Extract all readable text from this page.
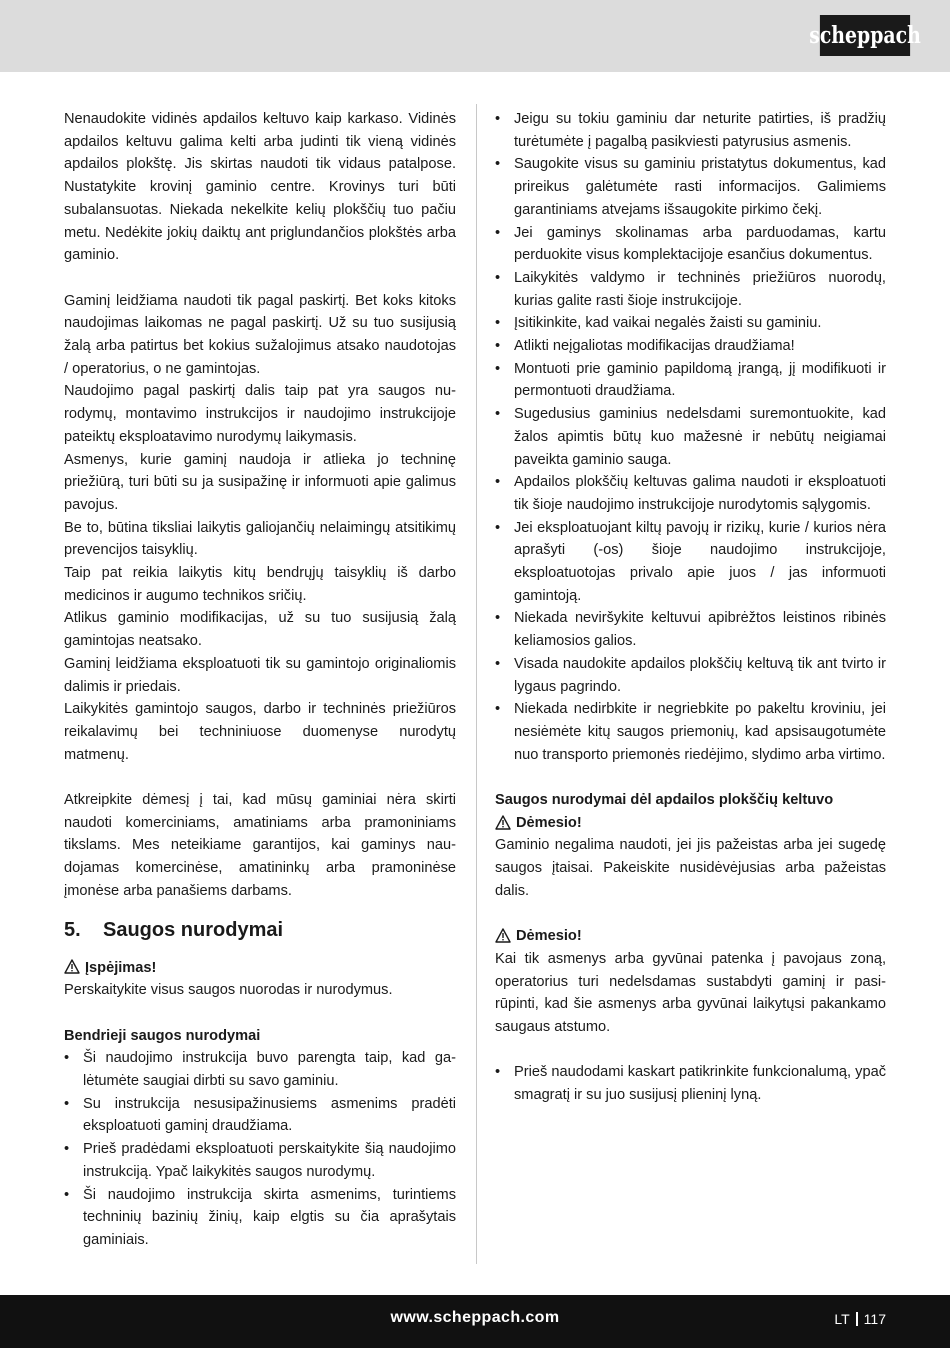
scheppach

Nenaudokite vidinės apdailos keltuvo kaip karkaso. Vidinės apdailos keltuvu galima kelti arba judinti tik vieną vidinės apdailos plokštę. Jis skirtas naudoti tik vidaus patalpose. Nustatykite krovinį gaminio centre. Krovinys turi būti subalansuotas. Niekada nekelkite kelių plokščių tuo pačiu metu. Nedėkite jokių daiktų ant priglundančios plokštės arba gaminio.

Gaminį leidžiama naudoti tik pagal paskirtį. Bet koks kitoks naudojimas laikomas ne pagal paskirtį. Už su tuo susijusią žalą arba patirtus bet kokius sužalojimus atsako naudotojas / operatorius, o ne gamintojas.

Naudojimo pagal paskirtį dalis taip pat yra saugos nurodymų, montavimo instrukcijos ir naudojimo instrukcijoje pateiktų eksploatavimo nurodymų laikymasis.

Asmenys, kurie gaminį naudoja ir atlieka jo techninę priežiūrą, turi būti su ja susipažinę ir informuoti apie galimus pavojus.

Be to, būtina tiksliai laikytis galiojančių nelaimingų atsitikimų prevencijos taisyklių.

Taip pat reikia laikytis kitų bendrųjų taisyklių iš darbo medicinos ir augumo technikos sričių.

Atlikus gaminio modifikacijas, už su tuo susijusią žalą gamintojas neatsako.

Gaminį leidžiama eksploatuoti tik su gamintojo originaliomis dalimis ir priedais.

Laikykitės gamintojo saugos, darbo ir techninės priežiūros reikalavimų bei techniniuose duomenyse nurodytų matmenų.

Atkreipkite dėmesį į tai, kad mūsų gaminiai nėra skirti naudoti komerciniams, amatiniams arba pramoniniams tikslams. Mes neteikiame garantijos, kai gaminys naudojamas komercinėse, amatininkų arba pramoninėse įmonėse arba panašiems darbams.

5.	Saugos nurodymai
Įspėjimas!

Perskaitykite visus saugos nuorodas ir nurodymus.

Bendrieji saugos nurodymai

• Ši naudojimo instrukcija buvo parengta taip, kad galėtumėte saugiai dirbti su savo gaminiu.
• Su instrukcija nesusipažinusiems asmenims pradėti eksploatuoti gaminį draudžiama.
• Prieš pradėdami eksploatuoti perskaitykite šią naudojimo instrukciją. Ypač laikykitės saugos nurodymų.
• Ši naudojimo instrukcija skirta asmenims, turintiems techninių bazinių žinių, kaip elgtis su čia aprašytais gaminiais.
• Jeigu su tokiu gaminiu dar neturite patirties, iš pradžių turėtumėte į pagalbą pasikviesti patyrusius asmenis.
• Saugokite visus su gaminiu pristatytus dokumentus, kad prireikus galėtumėte rasti informacijos. Galimiems garantiniams atvejams išsaugokite pirkimo čekį.
• Jei gaminys skolinamas arba parduodamas, kartu perduokite visus komplektacijoje esančius dokumentus.
• Laikykitės valdymo ir techninės priežiūros nuorodų, kurias galite rasti šioje instrukcijoje.
• Įsitikinkite, kad vaikai negalės žaisti su gaminiu.
• Atlikti neįgaliotas modifikacijas draudžiama!
• Montuoti prie gaminio papildomą įrangą, jį modifikuoti ir permontuoti draudžiama.
• Sugedusius gaminius nedelsdami suremontuokite, kad žalos apimtis būtų kuo mažesnė ir nebūtų neigiamai paveikta gaminio sauga.
• Apdailos plokščių keltuvas galima naudoti ir eksploatuoti tik šioje naudojimo instrukcijoje nurodytomis sąlygomis.
• Jei eksploatuojant kiltų pavojų ir rizikų, kurie / kurios nėra aprašyti (-os) šioje naudojimo instrukcijoje, eksploatuotojas privalo apie juos / jas informuoti gamintoją.
• Niekada neviršykite keltuvui apibrėžtos leistinos ribinės keliamosios galios.
• Visada naudokite apdailos plokščių keltuvą tik ant tvirto ir lygaus pagrindo.
• Niekada nedirbkite ir negriebkite po pakeltu kroviniu, jei nesiėmėte kitų saugos priemonių, kad apsisaugotumėte nuo transporto priemonės riedėjimo, slydimo arba virtimo.

Saugos nurodymai dėl apdailos plokščių keltuvo

Dėmesio!

Gaminio negalima naudoti, jei jis pažeistas arba jei sugedę saugos įtaisai. Pakeiskite nusidėvėjusias arba pažeistas dalis.

Dėmesio!

Kai tik asmenys arba gyvūnai patenka į pavojaus zoną, operatorius turi nedelsdamas sustabdyti gaminį ir pasirūpinti, kad šie asmenys arba gyvūnai laikytųsi pakankamo saugaus atstumo.

• Prieš naudodami kaskart patikrinkite funkcionalumą, ypač smagratį ir su juo susijusį plieninį lyną.
www.scheppach.com	LT 117
